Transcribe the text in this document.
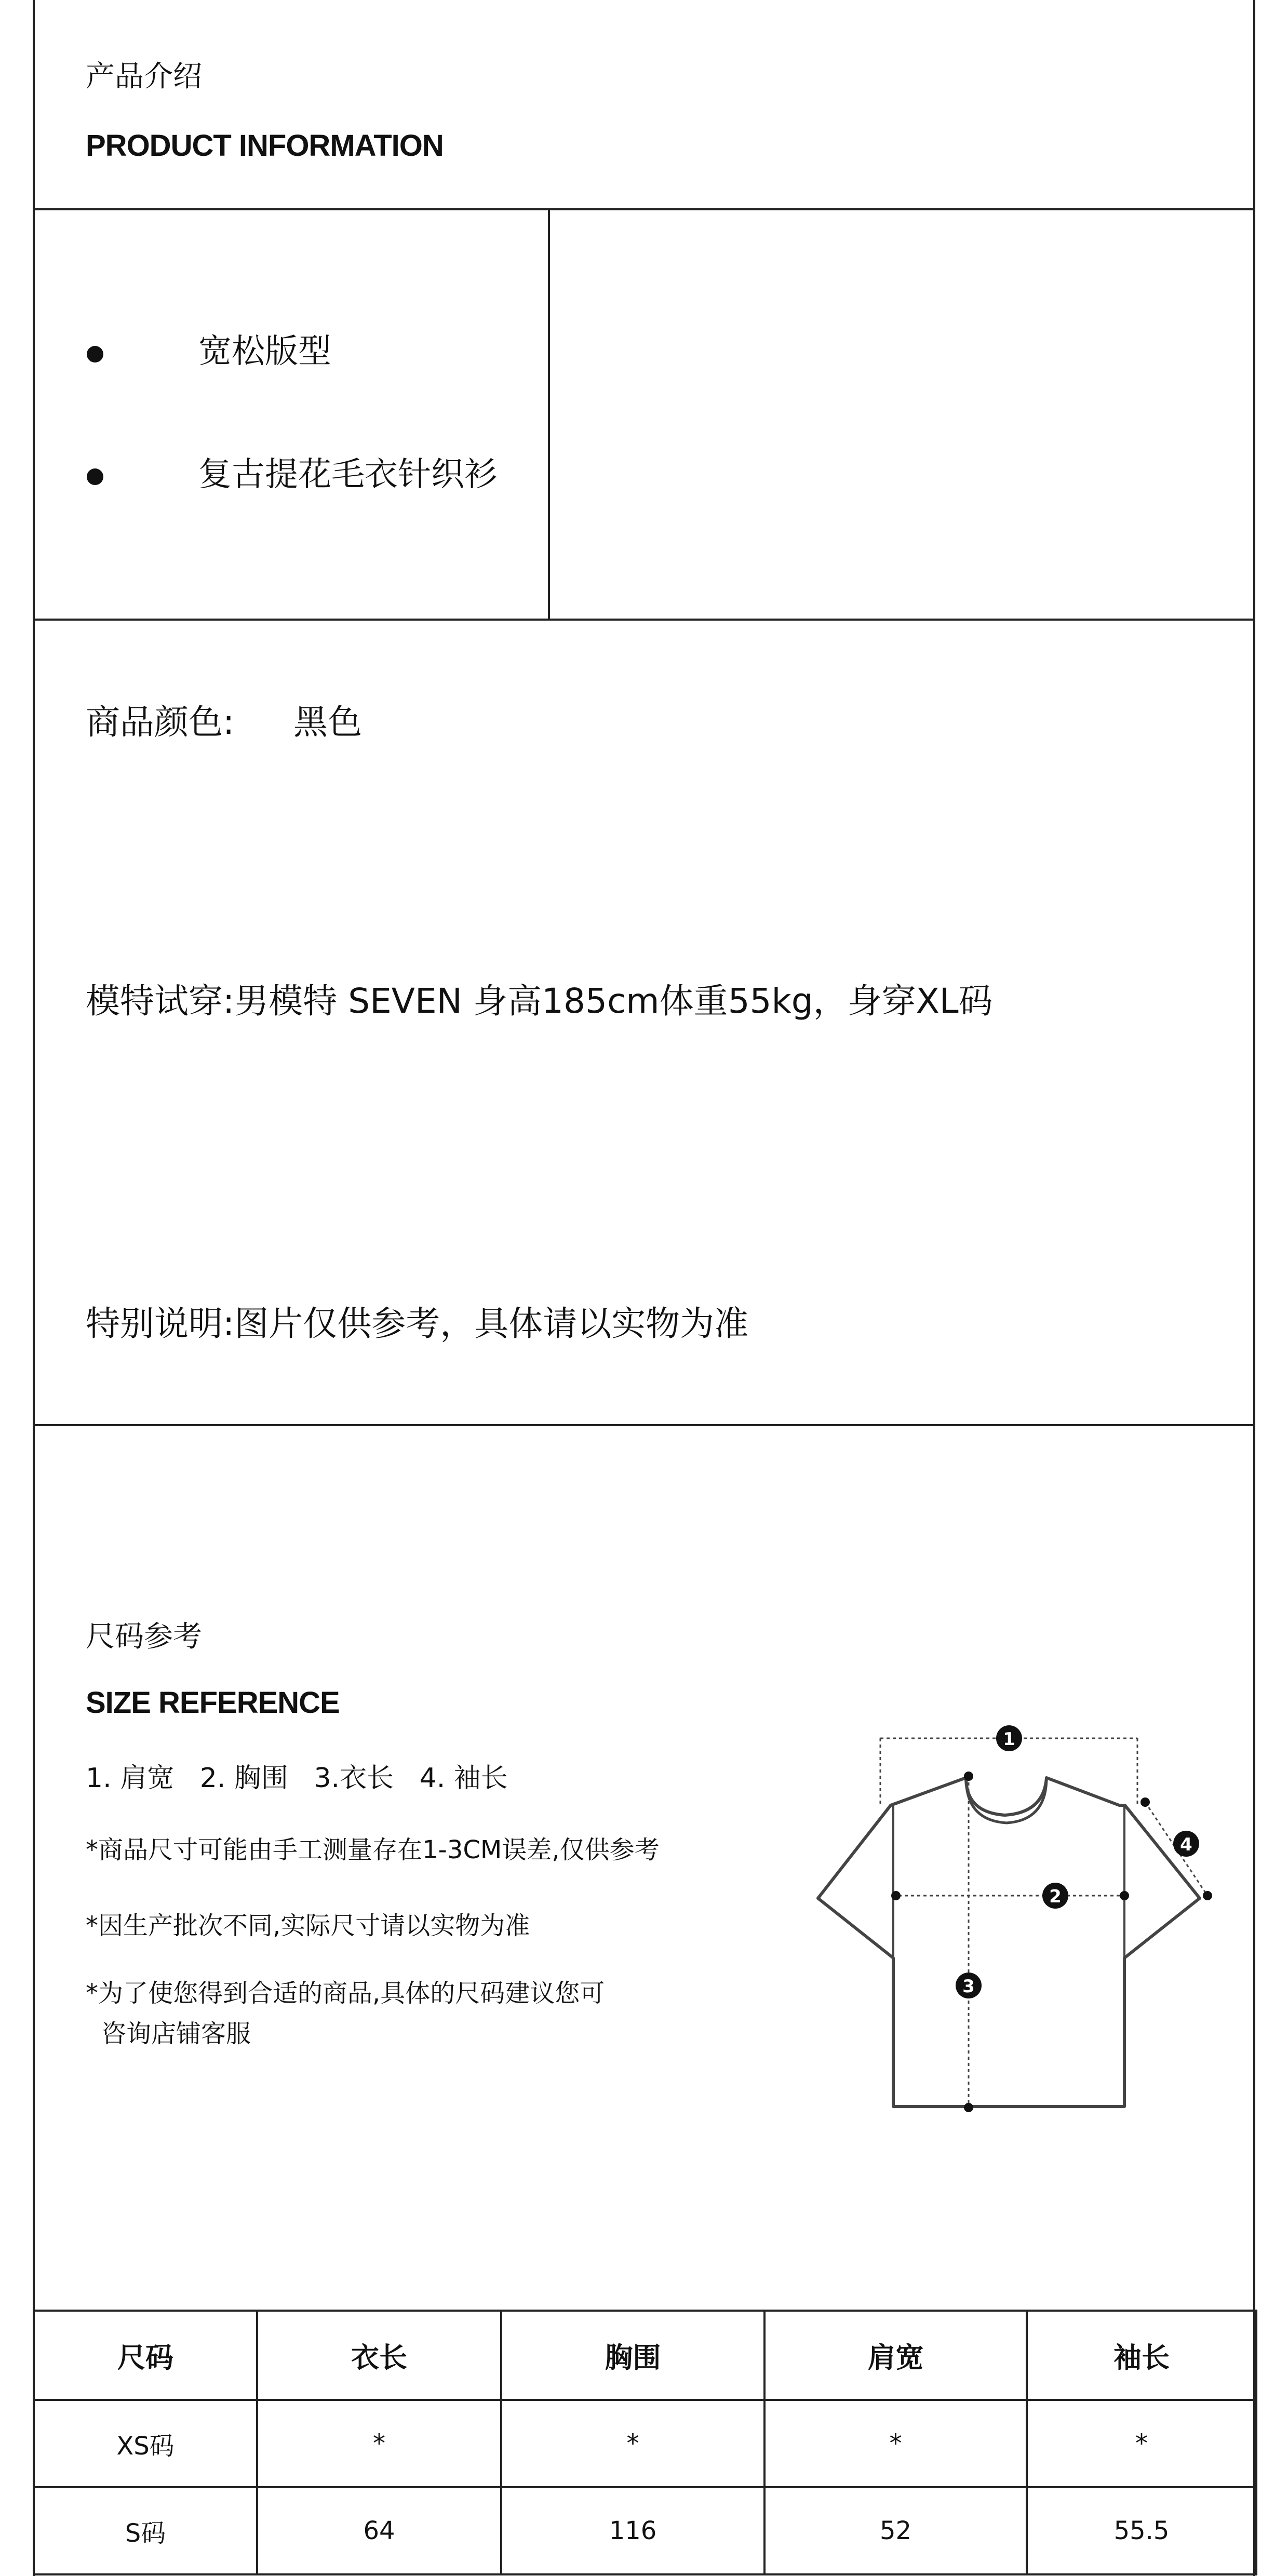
产品介绍
PRODUCT INFORMATION
宽松版型
复古提花毛衣针织衫
商品颜色: 黑色
模特试穿:男模特 SEVEN 身高185cm体重55kg，身穿XL码
特别说明:图片仅供参考，具体请以实物为准
尺码参考
SIZE REFERENCE
1. 肩宽   2. 胸围   3.衣长   4. 袖长
*商品尺寸可能由手工测量存在1-3CM误差,仅供参考
*因生产批次不同,实际尺寸请以实物为准
*为了使您得到合适的商品,具体的尺码建议您可
咨询店铺客服
1
2
3
4
尺码	衣长	胸围	肩宽	袖长
XS码	*	*	*	*
S码	64	116	52	55.5
